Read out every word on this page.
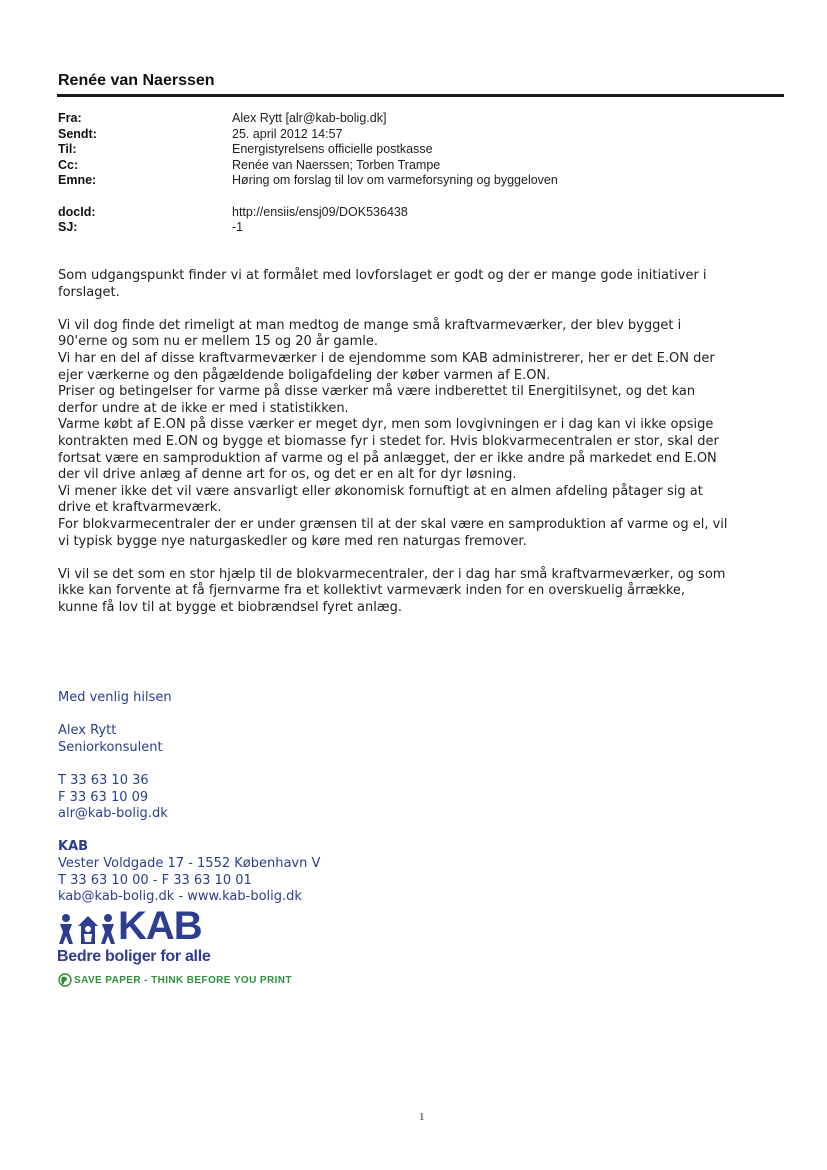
Renée van Naerssen
Fra:	Alex Rytt [alr@kab-bolig.dk]
Sendt:	25. april 2012 14:57
Til:	Energistyrelsens officielle postkasse
Cc:	Renée van Naerssen; Torben Trampe
Emne:	Høring om forslag til lov om varmeforsyning og byggeloven
docId:	http://ensiis/ensj09/DOK536438
SJ:	-1

Som udgangspunkt finder vi at formålet med lovforslaget er godt og der er mange gode initiativer i
forslaget.

Vi vil dog finde det rimeligt at man medtog de mange små kraftvarmeværker, der blev bygget i
90'erne og som nu er mellem 15 og 20 år gamle.
Vi har en del af disse kraftvarmeværker i de ejendomme som KAB administrerer, her er det E.ON der
ejer værkerne og den pågældende boligafdeling der køber varmen af E.ON.
Priser og betingelser for varme på disse værker må være indberettet til Energitilsynet, og det kan
derfor undre at de ikke er med i statistikken.
Varme købt af E.ON på disse værker er meget dyr, men som lovgivningen er i dag kan vi ikke opsige
kontrakten med E.ON og bygge et biomasse fyr i stedet for. Hvis blokvarmecentralen er stor, skal der
fortsat være en samproduktion af varme og el på anlægget, der er ikke andre på markedet end E.ON
der vil drive anlæg af denne art for os, og det er en alt for dyr løsning.
Vi mener ikke det vil være ansvarligt eller økonomisk fornuftigt at en almen afdeling påtager sig at
drive et kraftvarmeværk.
For blokvarmecentraler der er under grænsen til at der skal være en samproduktion af varme og el, vil
vi typisk bygge nye naturgaskedler og køre med ren naturgas fremover.

Vi vil se det som en stor hjælp til de blokvarmecentraler, der i dag har små kraftvarmeværker, og som
ikke kan forvente at få fjernvarme fra et kollektivt varmeværk inden for en overskuelig årrække,
kunne få lov til at bygge et biobrændsel fyret anlæg.

Med venlig hilsen
Alex Rytt
Seniorkonsulent
T 33 63 10 36
F 33 63 10 09
alr@kab-bolig.dk
KAB
Vester Voldgade 17 - 1552 København V
T 33 63 10 00 - F 33 63 10 01
kab@kab-bolig.dk - www.kab-bolig.dk
KAB
Bedre boliger for alle
SAVE PAPER - THINK BEFORE YOU PRINT
1
